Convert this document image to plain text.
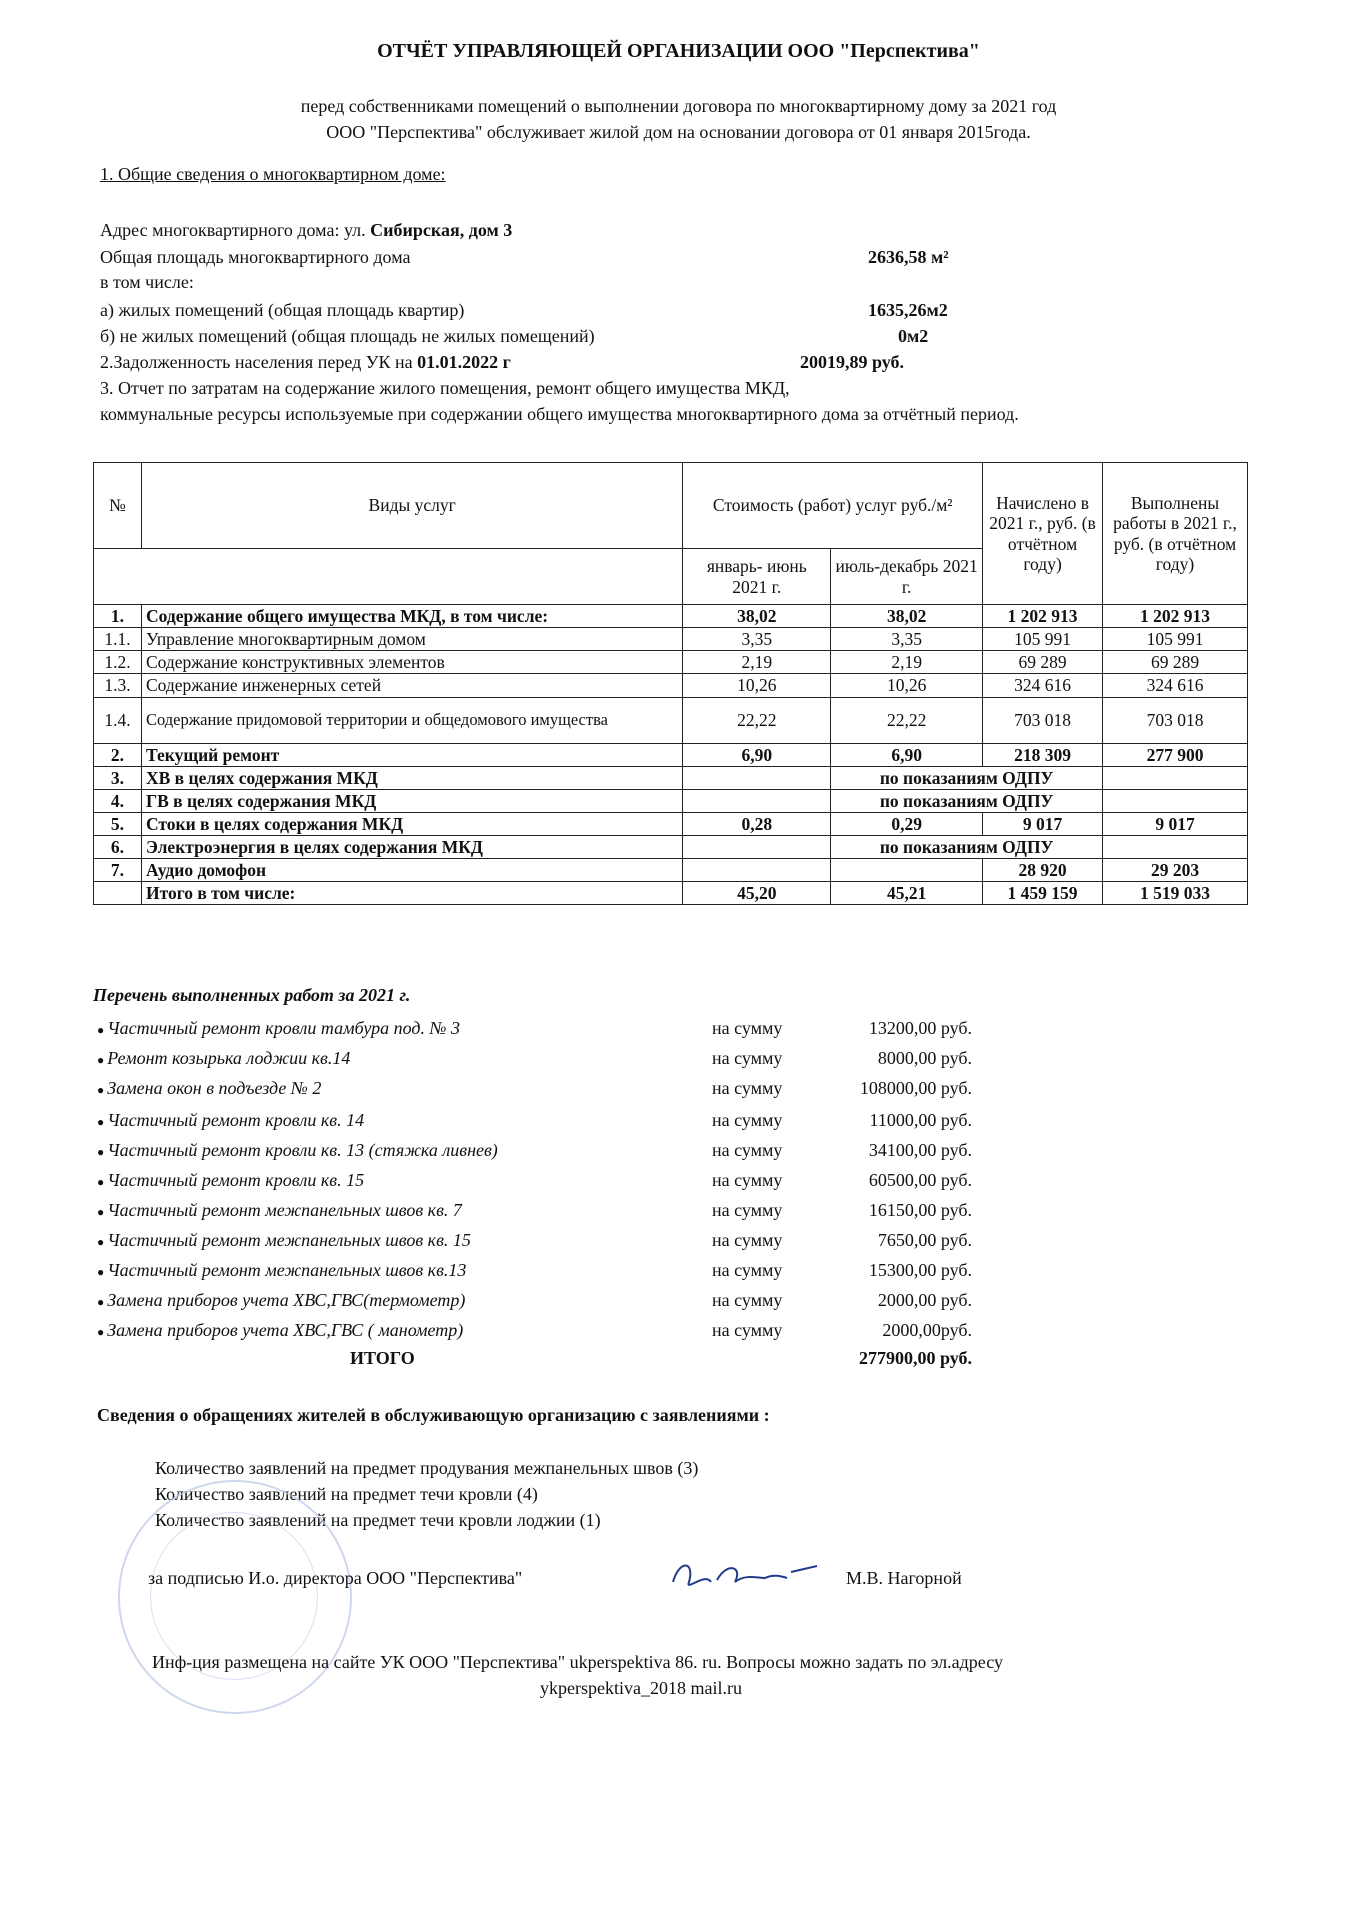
ОТЧЁТ УПРАВЛЯЮЩЕЙ ОРГАНИЗАЦИИ ООО "Перспектива"
перед собственниками помещений о выполнении договора по многоквартирному дому за 2021 год
ООО "Перспектива" обслуживает жилой дом на основании договора от 01 января 2015года.
1. Общие сведения о многоквартирном доме:
Адрес многоквартирного дома: ул. Сибирская, дом 3
Общая площадь многоквартирного дома	2636,58 м²
в том числе:
а) жилых помещений (общая площадь квартир)	1635,26м2
б) не жилых помещений (общая площадь не жилых помещений)	0м2
2.Задолженность населения перед УК на 01.01.2022 г	20019,89 руб.
3. Отчет по затратам на содержание жилого помещения, ремонт общего имущества МКД,
коммунальные ресурсы используемые при содержании общего имущества многоквартирного дома за отчётный период.
№	Виды услуг	Стоимость (работ) услуг руб./м²		Начислено в 2021 г., руб. (в отчётном году)	Выполнены работы в 2021 г., руб. (в отчётном году)
		январь- июнь 2021 г.	июль-декабрь 2021 г.		
1.	Содержание общего имущества МКД, в том числе:	38,02	38,02	1 202 913	1 202 913
1.1.	Управление многоквартирным домом	3,35	3,35	105 991	105 991
1.2.	Содержание конструктивных элементов	2,19	2,19	69 289	69 289
1.3.	Содержание инженерных сетей	10,26	10,26	324 616	324 616
1.4.	Содержание придомовой территории и общедомового имущества	22,22	22,22	703 018	703 018
2.	Текущий ремонт	6,90	6,90	218 309	277 900
3.	ХВ в целях содержания МКД		по показаниям ОДПУ		
4.	ГВ в целях содержания МКД		по показаниям ОДПУ		
5.	Стоки в целях содержания МКД	0,28	0,29	9 017	9 017
6.	Электроэнергия в целях содержания МКД		по показаниям ОДПУ		
7.	Аудио домофон			28 920	29 203
	Итого в том числе:	45,20	45,21	1 459 159	1 519 033
Перечень выполненных работ за 2021 г.
● Частичный ремонт кровли тамбура под. № 3	на сумму	13200,00 руб.
● Ремонт козырька лоджии кв.14	на сумму	8000,00 руб.
● Замена окон в подъезде № 2	на сумму	108000,00 руб.
● Частичный ремонт кровли кв. 14	на сумму	11000,00 руб.
● Частичный ремонт кровли кв. 13 (стяжка ливнев)	на сумму	34100,00 руб.
● Частичный ремонт кровли кв. 15	на сумму	60500,00 руб.
● Частичный ремонт межпанельных швов кв. 7	на сумму	16150,00 руб.
● Частичный ремонт межпанельных швов кв. 15	на сумму	7650,00 руб.
● Частичный ремонт межпанельных швов кв.13	на сумму	15300,00 руб.
● Замена приборов учета ХВС,ГВС(термометр)	на сумму	2000,00 руб.
● Замена приборов учета ХВС,ГВС ( манометр)	на сумму	2000,00руб.
ИТОГО	277900,00 руб.
Сведения о обращениях жителей в обслуживающую организацию с заявлениями :
Количество заявлений на предмет продувания межпанельных швов (3)
Количество заявлений на предмет течи кровли (4)
Количество заявлений на предмет течи кровли лоджии (1)
за подписью И.о. директора ООО "Перспектива"	М.В. Нагорной
Инф-ция размещена на сайте УК ООО "Перспектива" ukperspektiva 86. ru. Вопросы можно задать по эл.адресу
ykperspektiva_2018 mail.ru
